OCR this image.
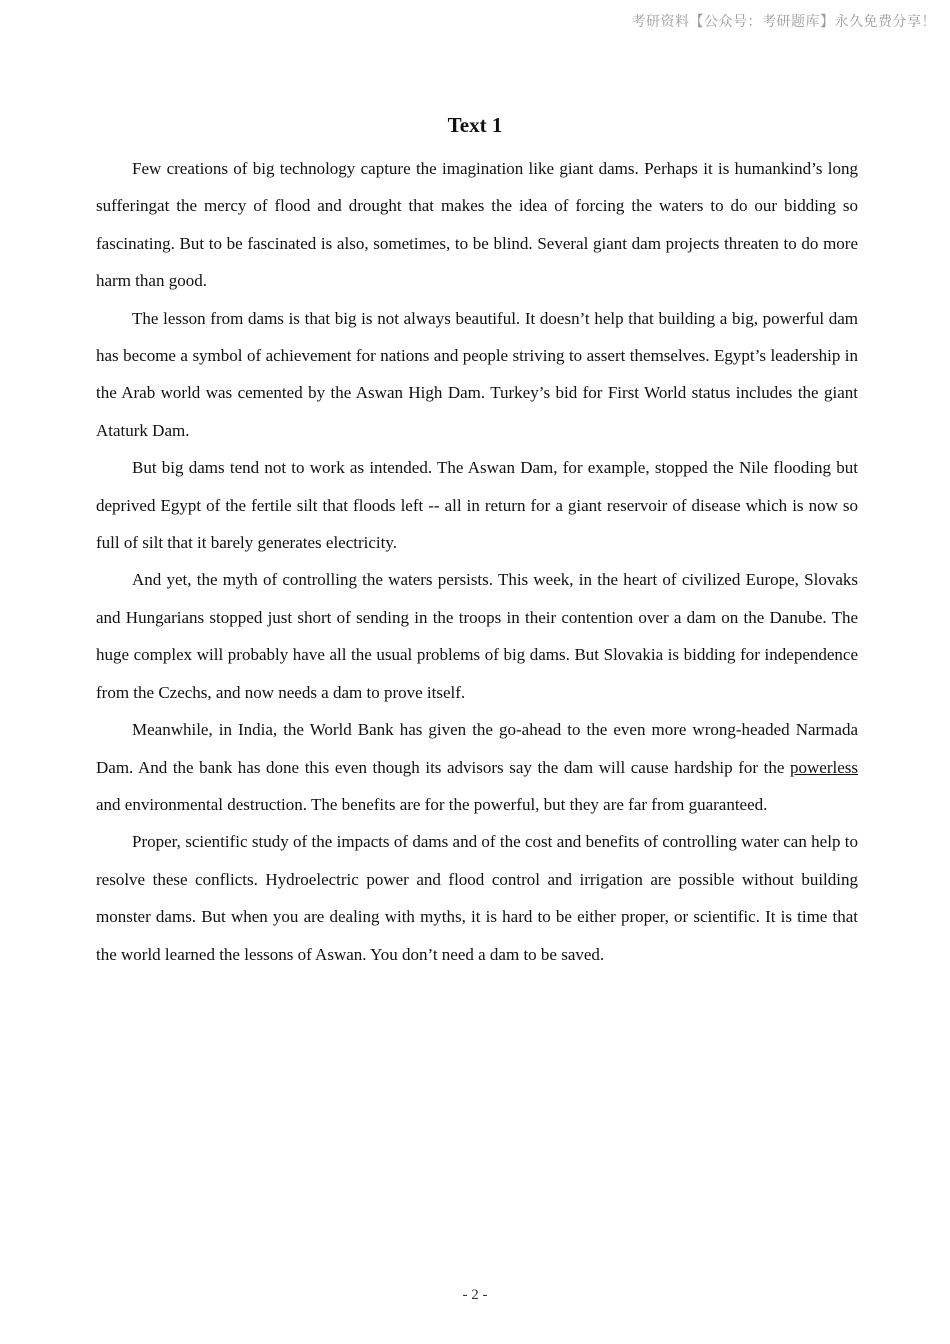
考研资料【公众号：考研题库】永久免费分享！
Text 1

Few creations of big technology capture the imagination like giant dams. Perhaps it is humankind’s long sufferingat the mercy of flood and drought that makes the idea of forcing the waters to do our bidding so fascinating. But to be fascinated is also, sometimes, to be blind. Several giant dam projects threaten to do more harm than good.

The lesson from dams is that big is not always beautiful. It doesn’t help that building a big, powerful dam has become a symbol of achievement for nations and people striving to assert themselves. Egypt’s leadership in the Arab world was cemented by the Aswan High Dam. Turkey’s bid for First World status includes the giant Ataturk Dam.

But big dams tend not to work as intended. The Aswan Dam, for example, stopped the Nile flooding but deprived Egypt of the fertile silt that floods left -- all in return for a giant reservoir of disease which is now so full of silt that it barely generates electricity.

And yet, the myth of controlling the waters persists. This week, in the heart of civilized Europe, Slovaks and Hungarians stopped just short of sending in the troops in their contention over a dam on the Danube. The huge complex will probably have all the usual problems of big dams. But Slovakia is bidding for independence from the Czechs, and now needs a dam to prove itself.

Meanwhile, in India, the World Bank has given the go-ahead to the even more wrong-headed Narmada Dam. And the bank has done this even though its advisors say the dam will cause hardship for the powerless and environmental destruction. The benefits are for the powerful, but they are far from guaranteed.

Proper, scientific study of the impacts of dams and of the cost and benefits of controlling water can help to resolve these conflicts. Hydroelectric power and flood control and irrigation are possible without building monster dams. But when you are dealing with myths, it is hard to be either proper, or scientific. It is time that the world learned the lessons of Aswan. You don’t need a dam to be saved.

- 2 -
